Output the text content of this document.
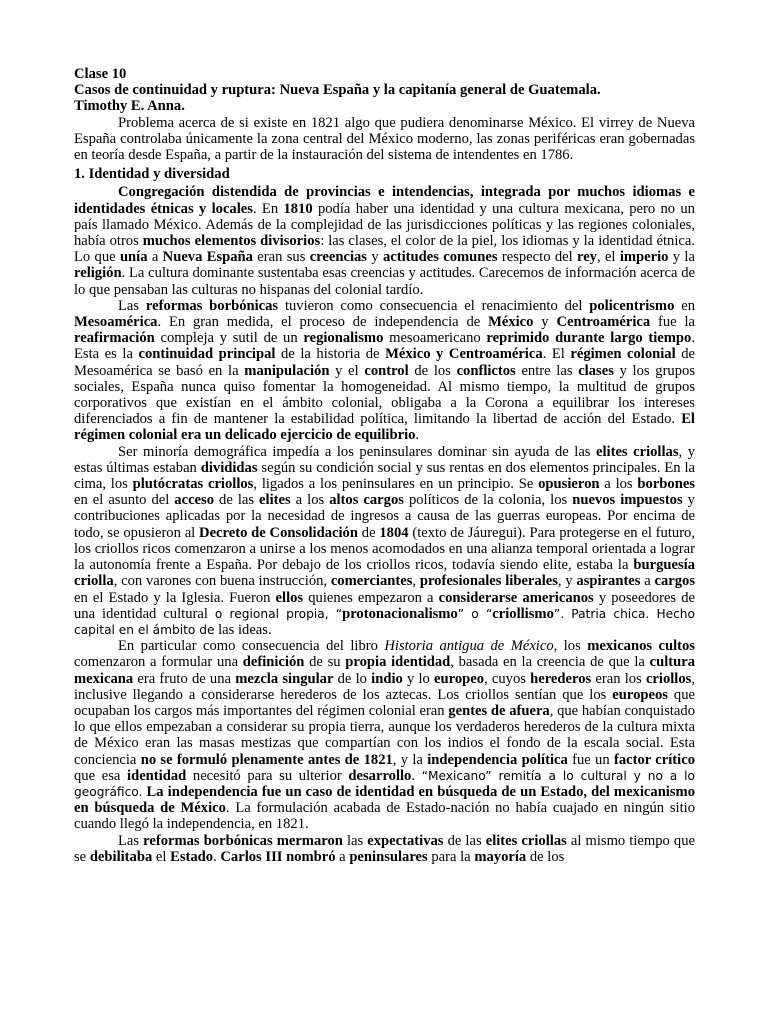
Clase 10
Casos de continuidad y ruptura: Nueva España y la capitanía general de Guatemala.
Timothy E. Anna.

Problema acerca de si existe en 1821 algo que pudiera denominarse México. El virrey de Nueva España controlaba únicamente la zona central del México moderno, las zonas periféricas eran gobernadas en teoría desde España, a partir de la instauración del sistema de intendentes en 1786.

1. Identidad y diversidad

Congregación distendida de provincias e intendencias, integrada por muchos idiomas e identidades étnicas y locales. En 1810 podía haber una identidad y una cultura mexicana, pero no un país llamado México. Además de la complejidad de las jurisdicciones políticas y las regiones coloniales, había otros muchos elementos divisorios: las clases, el color de la piel, los idiomas y la identidad étnica. Lo que unía a Nueva España eran sus creencias y actitudes comunes respecto del rey, el imperio y la religión. La cultura dominante sustentaba esas creencias y actitudes. Carecemos de información acerca de lo que pensaban las culturas no hispanas del colonial tardío.

Las reformas borbónicas tuvieron como consecuencia el renacimiento del policentrismo en Mesoamérica. En gran medida, el proceso de independencia de México y Centroamérica fue la reafirmación compleja y sutil de un regionalismo mesoamericano reprimido durante largo tiempo. Esta es la continuidad principal de la historia de México y Centroamérica. El régimen colonial de Mesoamérica se basó en la manipulación y el control de los conflictos entre las clases y los grupos sociales, España nunca quiso fomentar la homogeneidad. Al mismo tiempo, la multitud de grupos corporativos que existían en el ámbito colonial, obligaba a la Corona a equilibrar los intereses diferenciados a fin de mantener la estabilidad política, limitando la libertad de acción del Estado. El régimen colonial era un delicado ejercicio de equilibrio.

Ser minoría demográfica impedía a los peninsulares dominar sin ayuda de las elites criollas, y estas últimas estaban divididas según su condición social y sus rentas en dos elementos principales. En la cima, los plutócratas criollos, ligados a los peninsulares en un principio. Se opusieron a los borbones en el asunto del acceso de las elites a los altos cargos políticos de la colonia, los nuevos impuestos y contribuciones aplicadas por la necesidad de ingresos a causa de las guerras europeas. Por encima de todo, se opusieron al Decreto de Consolidación de 1804 (texto de Jáuregui). Para protegerse en el futuro, los criollos ricos comenzaron a unirse a los menos acomodados en una alianza temporal orientada a lograr la autonomía frente a España. Por debajo de los criollos ricos, todavía siendo elite, estaba la burguesía criolla, con varones con buena instrucción, comerciantes, profesionales liberales, y aspirantes a cargos en el Estado y la Iglesia. Fueron ellos quienes empezaron a considerarse americanos y poseedores de una identidad cultural o regional propia, “protonacionalismo” o “criollismo”. Patria chica. Hecho capital en el ámbito de las ideas.

En particular como consecuencia del libro Historia antigua de México, los mexicanos cultos comenzaron a formular una definición de su propia identidad, basada en la creencia de que la cultura mexicana era fruto de una mezcla singular de lo indio y lo europeo, cuyos herederos eran los criollos, inclusive llegando a considerarse herederos de los aztecas. Los criollos sentían que los europeos que ocupaban los cargos más importantes del régimen colonial eran gentes de afuera, que habían conquistado lo que ellos empezaban a considerar su propia tierra, aunque los verdaderos herederos de la cultura mixta de México eran las masas mestizas que compartían con los indios el fondo de la escala social. Esta conciencia no se formuló plenamente antes de 1821, y la independencia política fue un factor crítico que esa identidad necesitó para su ulterior desarrollo. “Mexicano” remitía a lo cultural y no a lo geográfico. La independencia fue un caso de identidad en búsqueda de un Estado, del mexicanismo en búsqueda de México. La formulación acabada de Estado-nación no había cuajado en ningún sitio cuando llegó la independencia, en 1821.

Las reformas borbónicas mermaron las expectativas de las elites criollas al mismo tiempo que se debilitaba el Estado. Carlos III nombró a peninsulares para la mayoría de los
